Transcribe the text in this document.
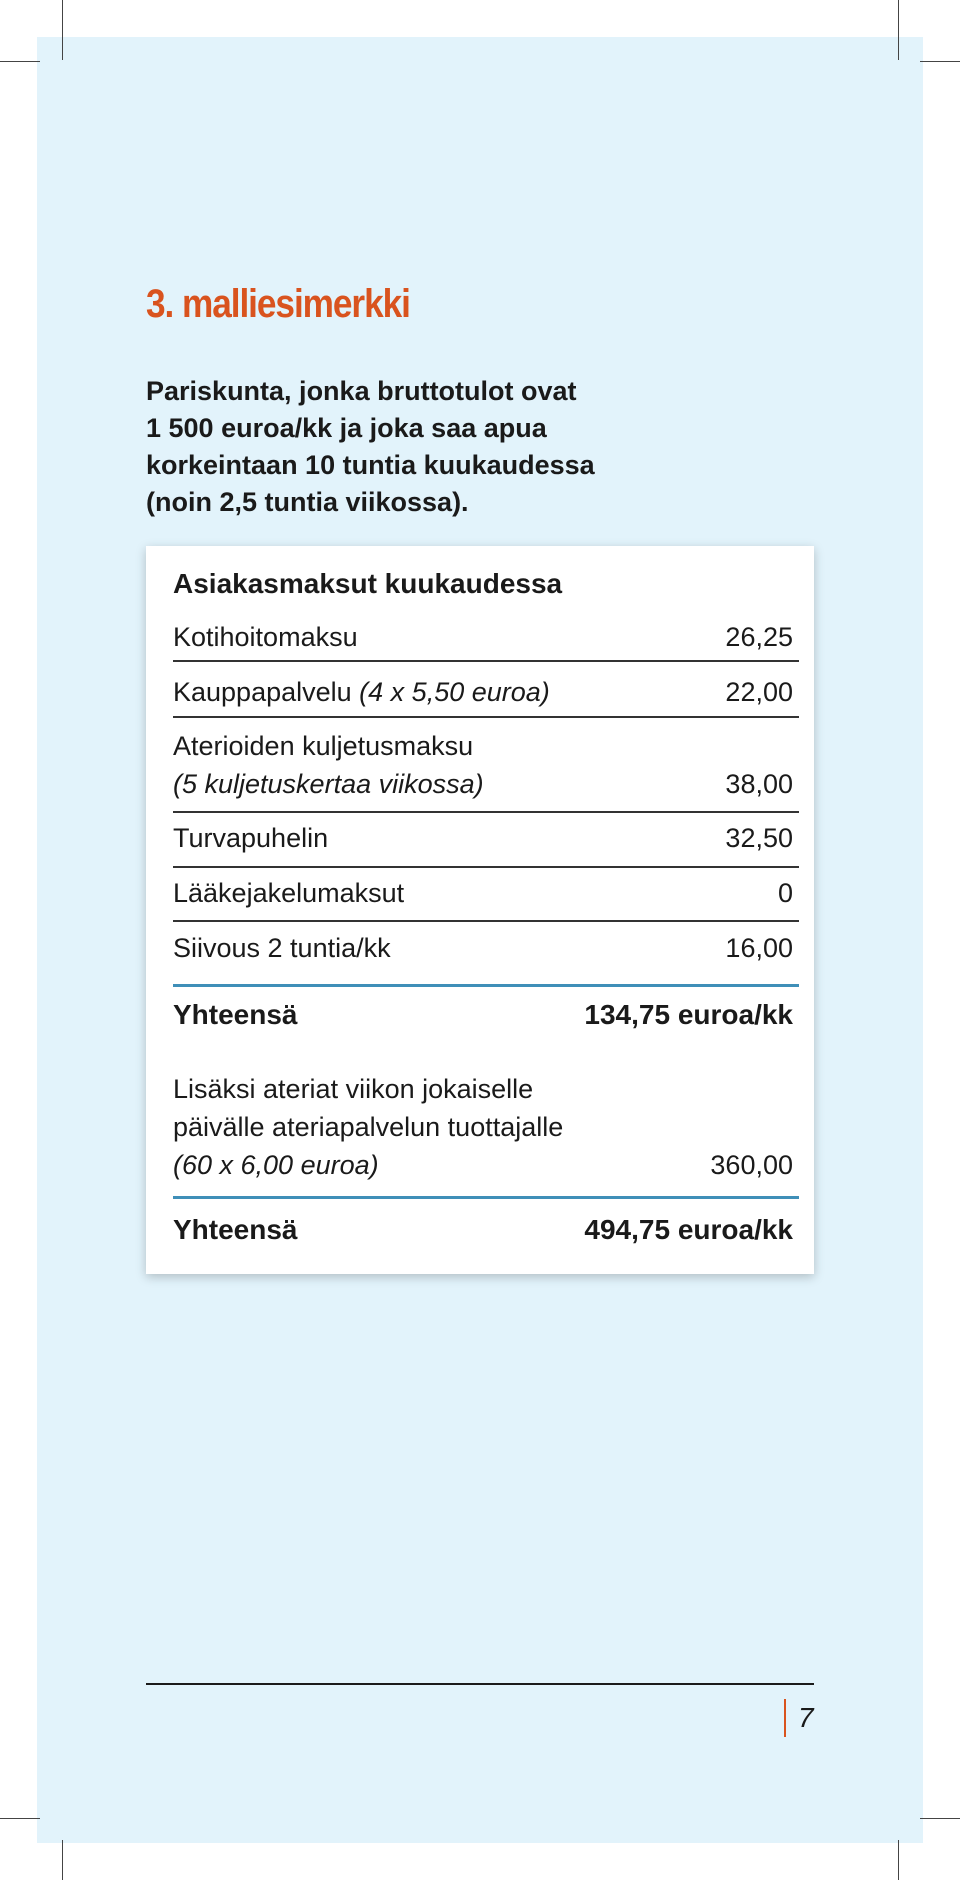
3. malliesimerkki
Pariskunta, jonka bruttotulot ovat
1 500 euroa/kk ja joka saa apua
korkeintaan 10 tuntia kuukaudessa
(noin 2,5 tuntia viikossa).
Asiakasmaksut kuukaudessa
Kotihoitomaksu	26,25
Kauppapalvelu (4 x 5,50 euroa)	22,00
Aterioiden kuljetusmaksu
(5 kuljetuskertaa viikossa)	38,00
Turvapuhelin	32,50
Lääkejakelumaksut	0
Siivous 2 tuntia/kk	16,00
Yhteensä	134,75 euroa/kk
Lisäksi ateriat viikon jokaiselle
päivälle ateriapalvelun tuottajalle
(60 x 6,00 euroa)	360,00
Yhteensä	494,75 euroa/kk
7
